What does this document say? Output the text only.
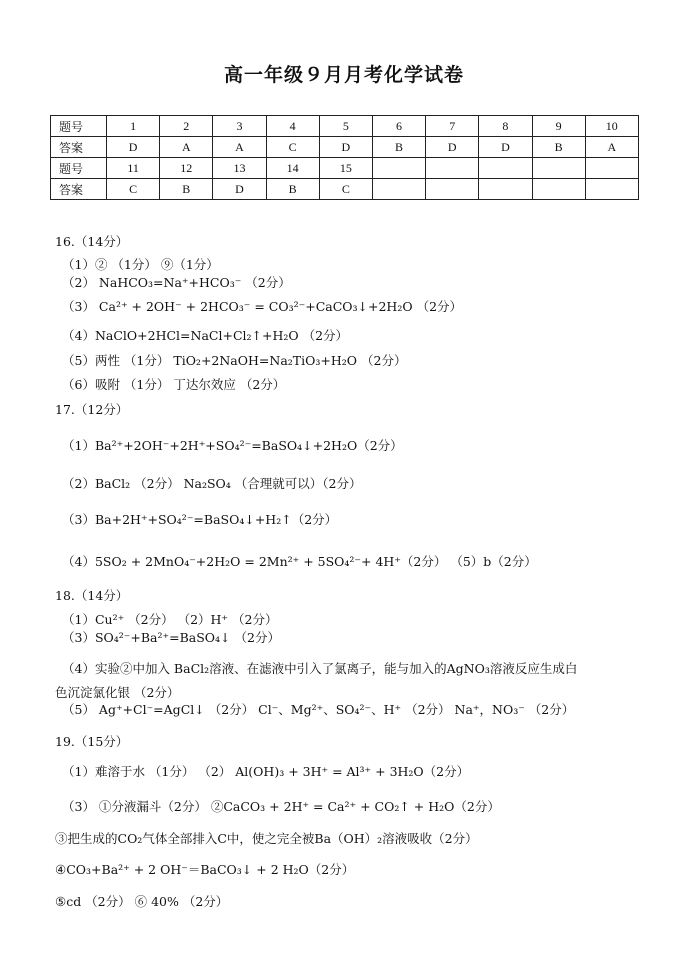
高一年级９月月考化学试卷
题号	1	2	3	4	5	6	7	8	9	10
答案	D	A	A	C	D	B	D	D	B	A
题号	11	12	13	14	15					
答案	C	B	D	B	C					
16.（14分）
（1）② （1分） ⑨（1分）
（2） NaHCO₃=Na⁺+HCO₃⁻ （2分）
（3） Ca²⁺ + 2OH⁻ + 2HCO₃⁻ = CO₃²⁻+CaCO₃↓+2H₂O （2分）
（4）NaClO+2HCl=NaCl+Cl₂↑+H₂O （2分）
（5）两性 （1分） TiO₂+2NaOH=Na₂TiO₃+H₂O （2分）
（6）吸附 （1分） 丁达尔效应 （2分）
17.（12分）
（1）Ba²⁺+2OH⁻+2H⁺+SO₄²⁻=BaSO₄↓+2H₂O（2分）
（2）BaCl₂ （2分） Na₂SO₄ （合理就可以）（2分）
（3）Ba+2H⁺+SO₄²⁻=BaSO₄↓+H₂↑（2分）
（4）5SO₂ + 2MnO₄⁻+2H₂O = 2Mn²⁺ + 5SO₄²⁻+ 4H⁺（2分） （5）b（2分）
18.（14分）
（1）Cu²⁺ （2分） （2）H⁺ （2分）
（3）SO₄²⁻+Ba²⁺=BaSO₄↓ （2分）
（4）实验②中加入 BaCl₂溶液、在滤液中引入了氯离子，能与加入的AgNO₃溶液反应生成白
色沉淀氯化银 （2分）
（5） Ag⁺+Cl⁻=AgCl↓ （2分） Cl⁻、Mg²⁺、SO₄²⁻、H⁺ （2分） Na⁺，NO₃⁻ （2分）
19.（15分）
（1）难溶于水 （1分） （2） Al(OH)₃ + 3H⁺ = Al³⁺ + 3H₂O（2分）
（3） ①分液漏斗（2分） ②CaCO₃ + 2H⁺ = Ca²⁺ + CO₂↑ + H₂O（2分）
③把生成的CO₂气体全部排入C中，使之完全被Ba（OH）₂溶液吸收（2分）
④CO₃+Ba²⁺ + 2 OH⁻＝BaCO₃↓ + 2 H₂O（2分）
⑤cd （2分） ⑥ 40% （2分）
